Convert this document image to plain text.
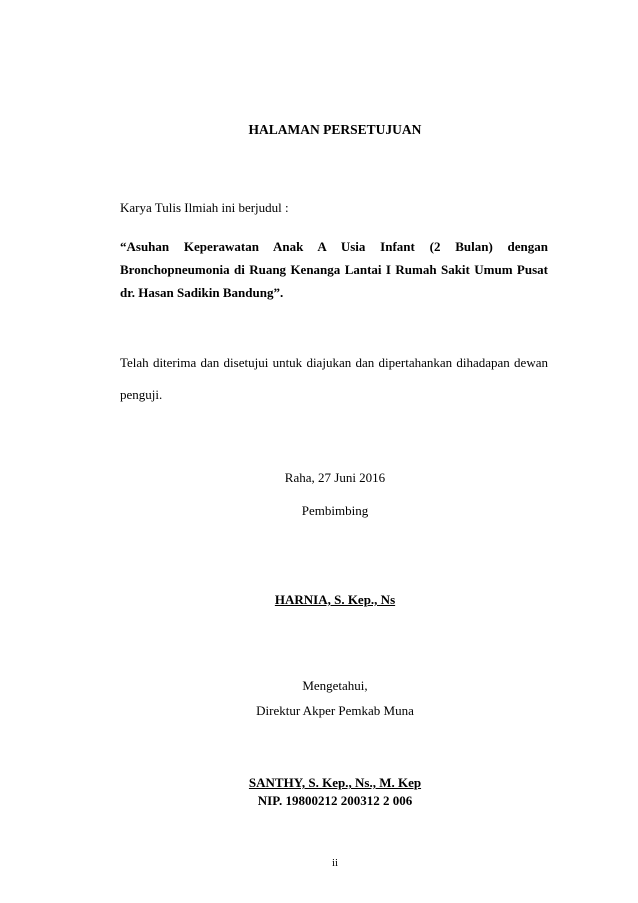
HALAMAN PERSETUJUAN

Karya Tulis Ilmiah ini berjudul :

“Asuhan Keperawatan Anak A Usia Infant (2 Bulan) dengan
Bronchopneumonia di Ruang Kenanga Lantai I Rumah Sakit Umum Pusat
dr. Hasan Sadikin Bandung”.
Telah diterima dan disetujui untuk diajukan dan dipertahankan dihadapan dewan
penguji.

Raha, 27 Juni 2016

Pembimbing

HARNIA, S. Kep., Ns

Mengetahui,

Direktur Akper Pemkab Muna

SANTHY, S. Kep., Ns., M. Kep

NIP. 19800212 200312 2 006

ii
